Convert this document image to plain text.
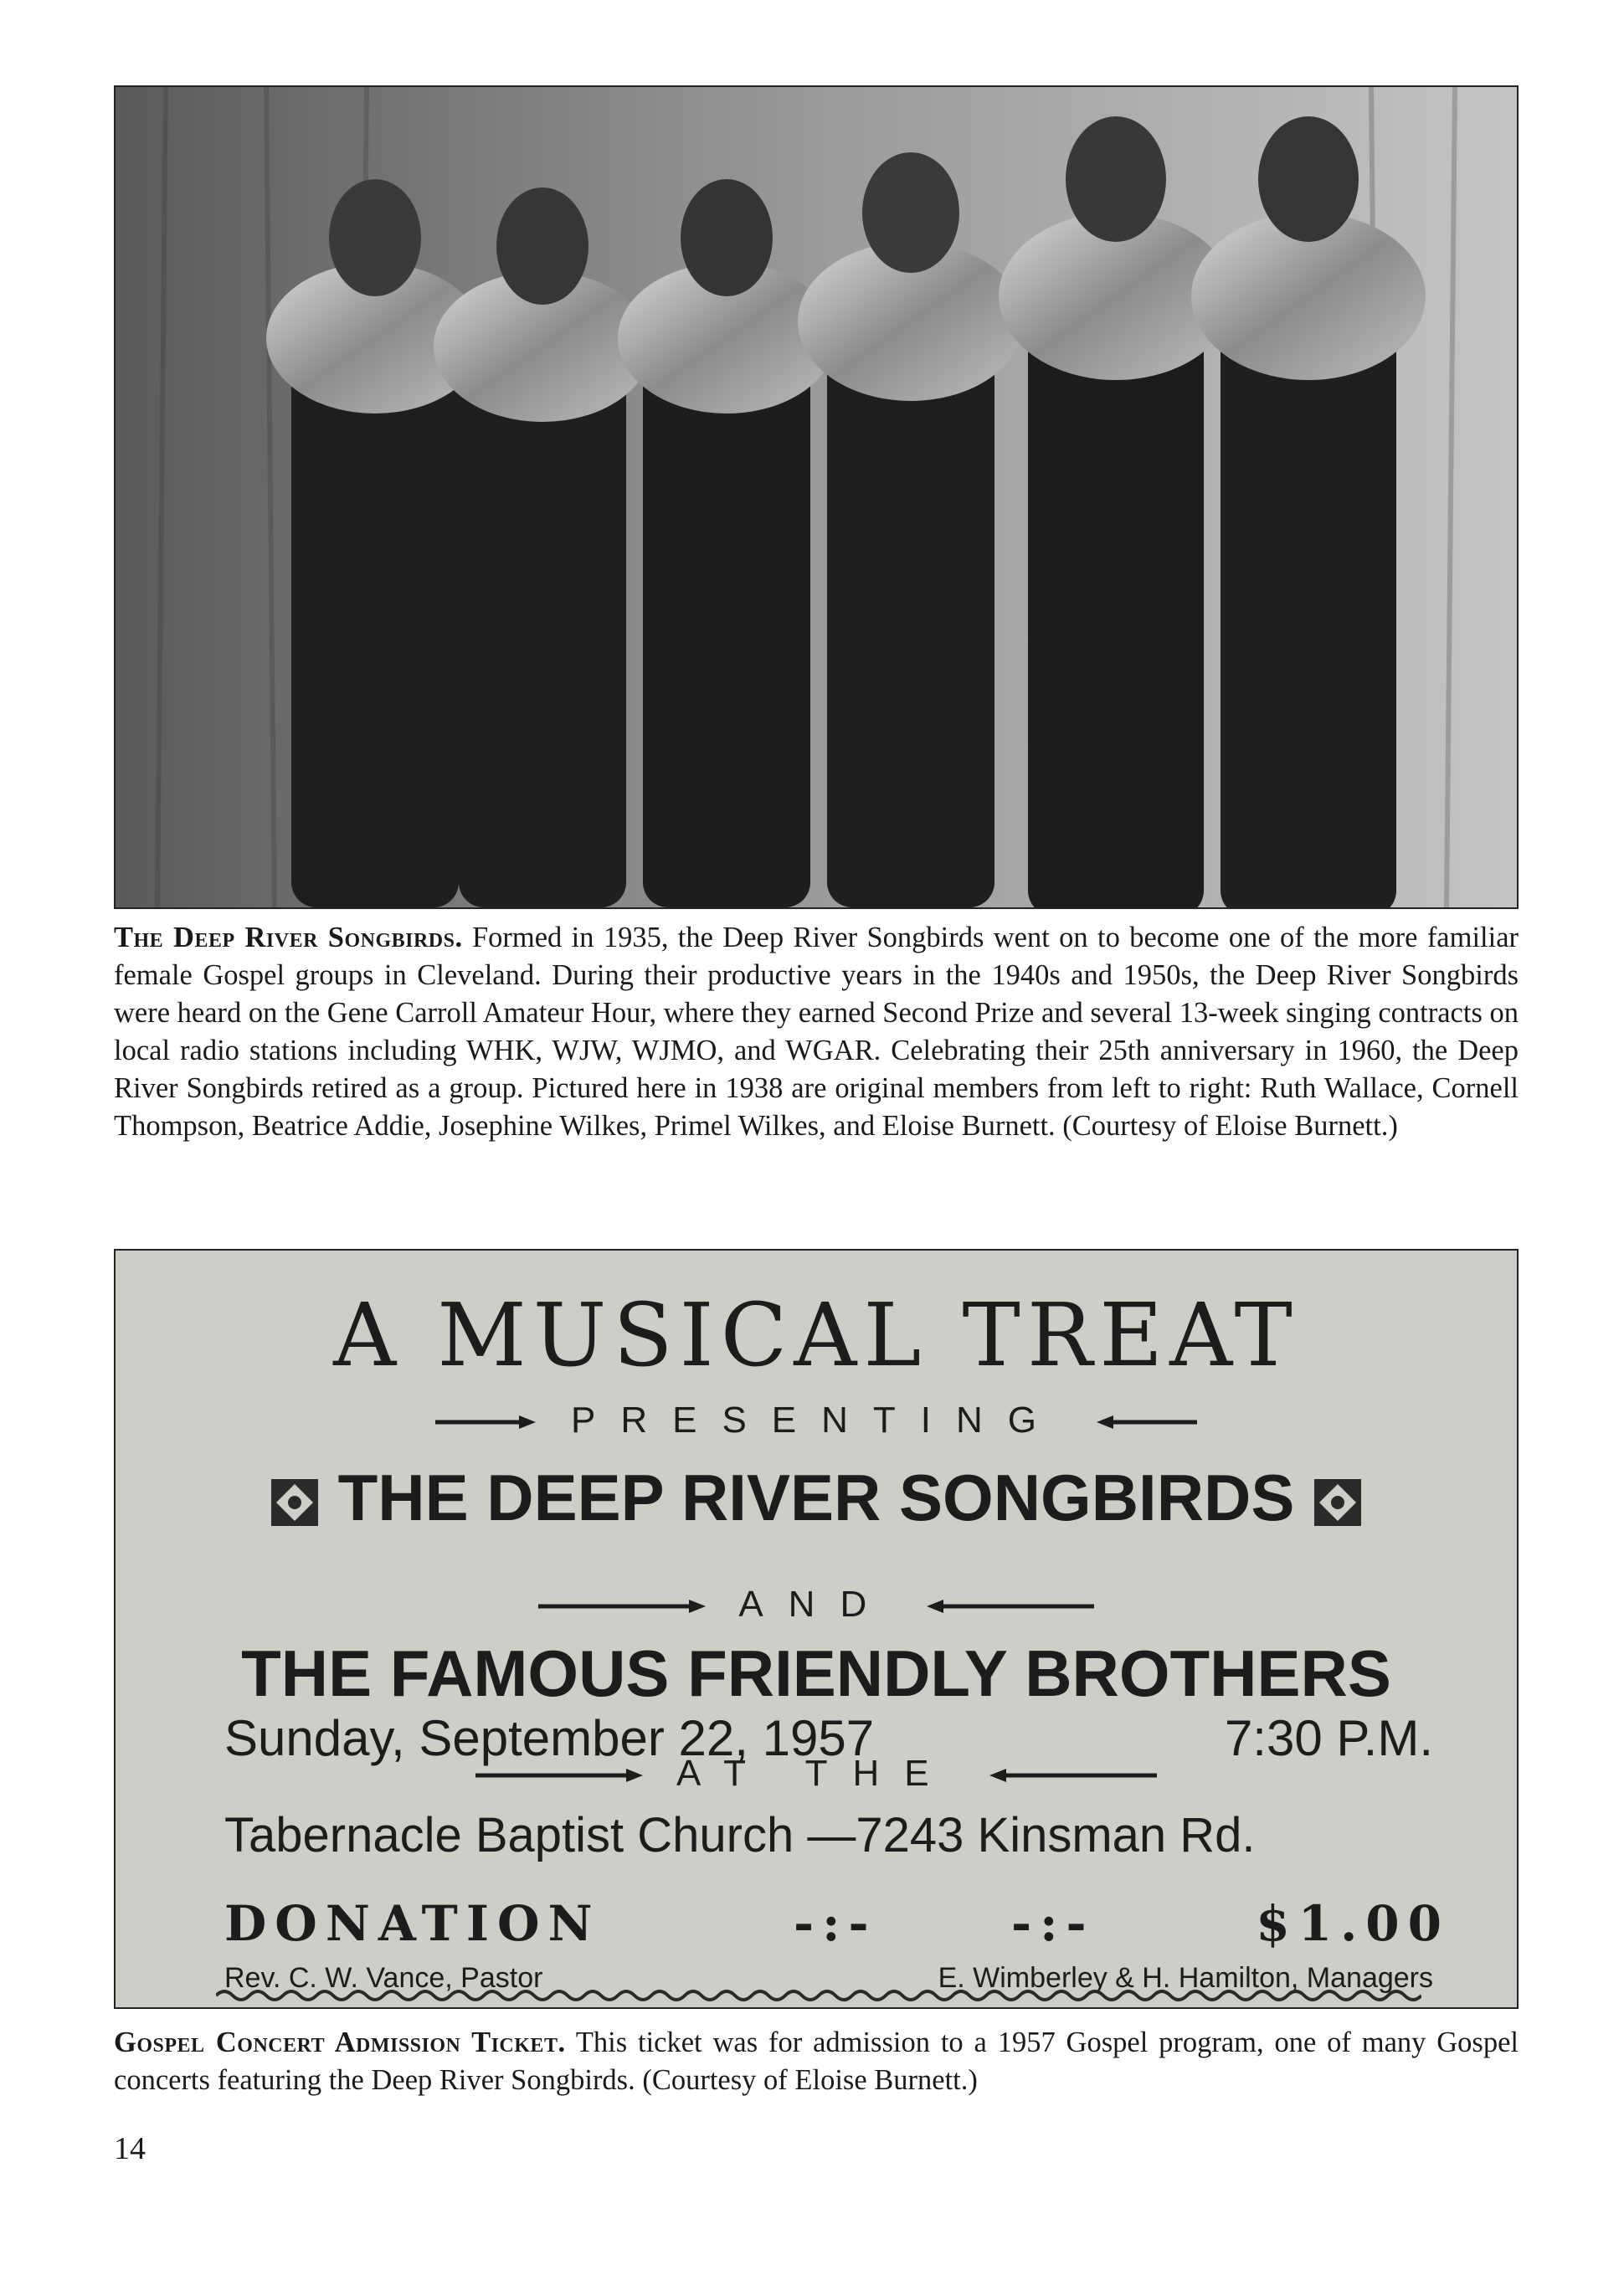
The Deep River Songbirds. Formed in 1935, the Deep River Songbirds went on to become one of the more familiar female Gospel groups in Cleveland. During their productive years in the 1940s and 1950s, the Deep River Songbirds were heard on the Gene Carroll Amateur Hour, where they earned Second Prize and several 13-week singing contracts on local radio stations including WHK, WJW, WJMO, and WGAR. Celebrating their 25th anniversary in 1960, the Deep River Songbirds retired as a group. Pictured here in 1938 are original members from left to right: Ruth Wallace, Cornell Thompson, Beatrice Addie, Josephine Wilkes, Primel Wilkes, and Eloise Burnett. (Courtesy of Eloise Burnett.)

A MUSICAL TREAT
PRESENTING
THE DEEP RIVER SONGBIRDS
AND
THE FAMOUS FRIENDLY BROTHERS
Sunday, September 22, 1957	7:30 P.M.
AT THE
Tabernacle Baptist Church —7243 Kinsman Rd.
DONATION	-:-	-:-	$1.00
Rev. C. W. Vance, Pastor	E. Wimberley & H. Hamilton, Managers

Gospel Concert Admission Ticket. This ticket was for admission to a 1957 Gospel program, one of many Gospel concerts featuring the Deep River Songbirds. (Courtesy of Eloise Burnett.)

14
